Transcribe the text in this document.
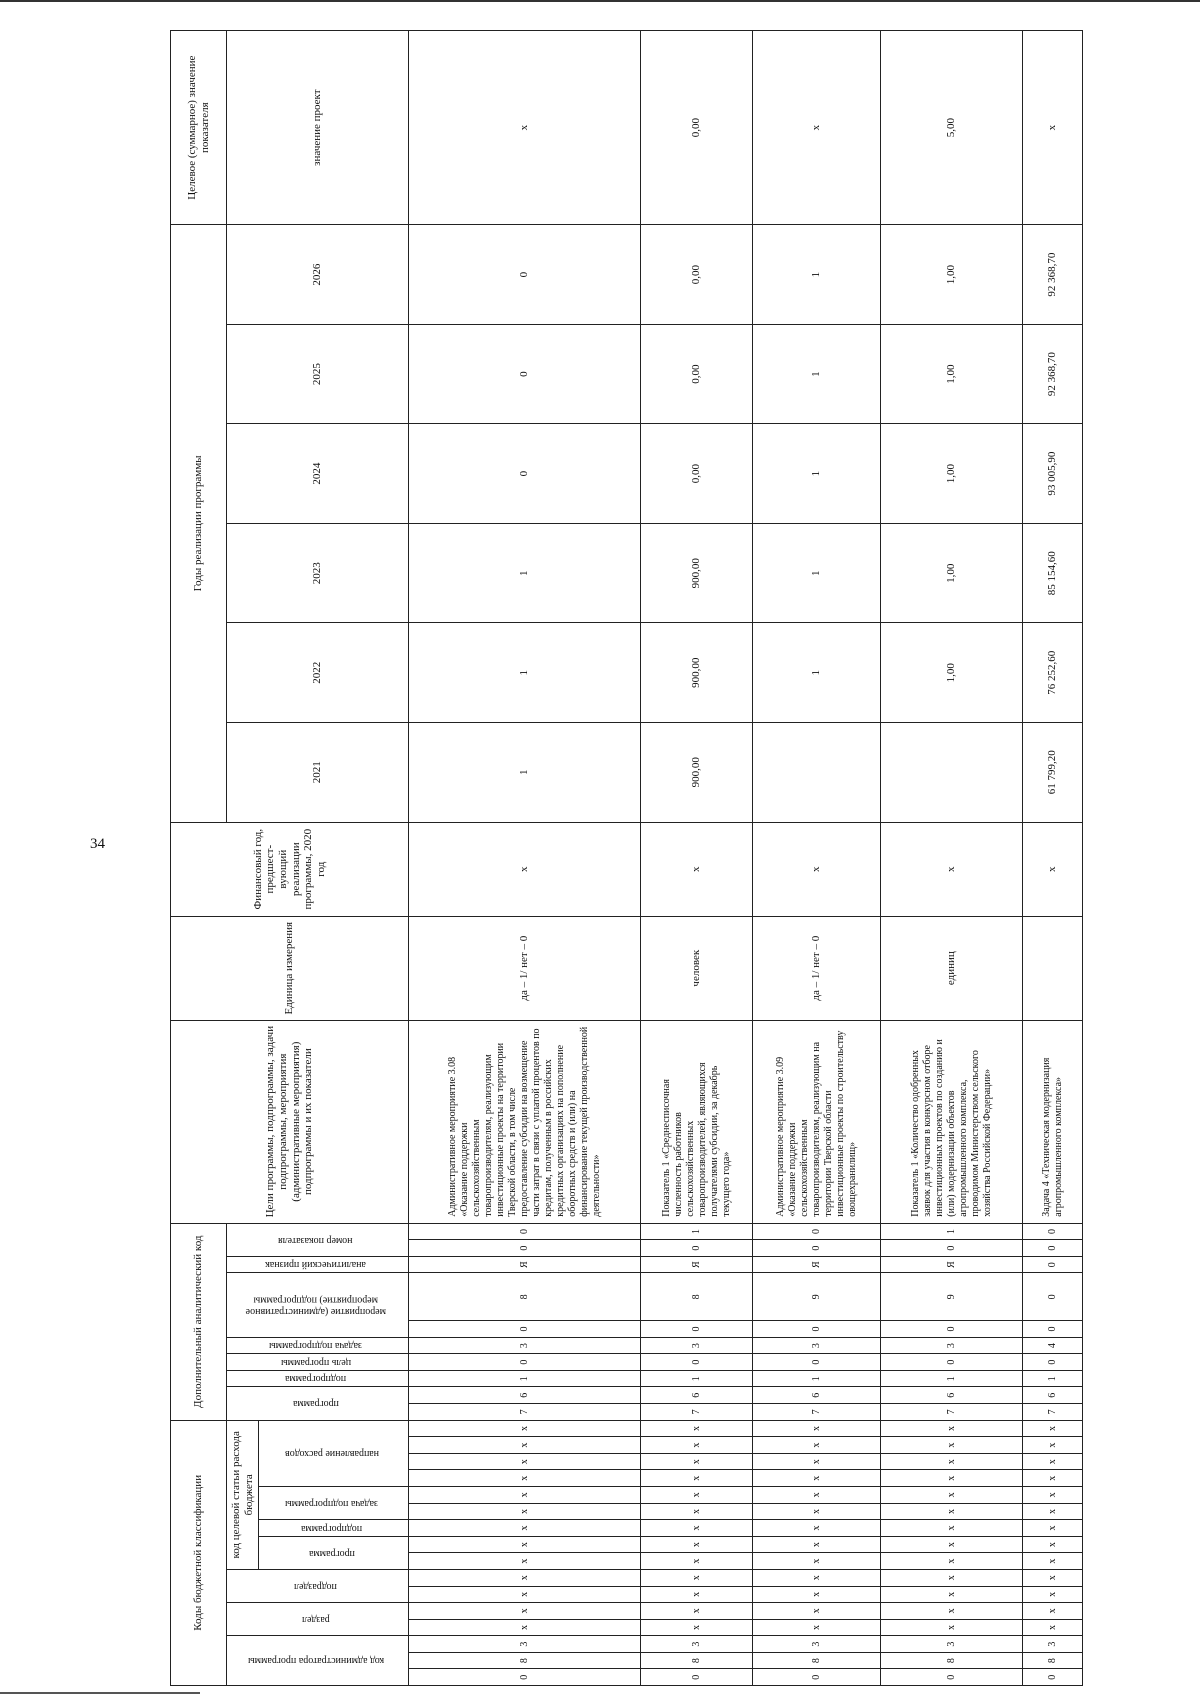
34
Коды бюджетной классификации																Дополнительный аналитический код										Цели программы, подпрограммы, задачи подпрограммы, мероприятия (административные мероприятия) подпрограммы и их показатели	Единица измерения	Финансовый год, предшест-вующий реализации программы, 2020 год	Годы реализации программы						Целевое (суммарное) значение показателя
код администратора программы			раздел		подраздел		код целевой статьи расхода бюджета									программа		подпрограмма	цель программы	задача подпрограммы	мероприятие (административное мероприятие) подпрограммы		аналитический признак	номер показателя					2021	2022	2023	2024	2025	2026	значение проект
							программа		подпрограмма	задача подпрограммы		направление расходов																							
0	8	3	х	х	х	х	х	х	х	х	х	х	х	х	х	7	6	1	0	3	0	8	Я	0	0	Административное мероприятие 3.08 «Оказание поддержки сельскохозяйственным товаропроизводителям, реализующим инвестиционные проекты на территории Тверской области, в том числе предоставление субсидии на возмещение части затрат в связи с уплатой процентов по кредитам, полученным в российских кредитных организациях на пополнение оборотных средств и (или) на финансирование текущей производственной деятельности»	да – 1/ нет – 0	х	1	1	1	0	0	0	х
0	8	3	х	х	х	х	х	х	х	х	х	х	х	х	х	7	6	1	0	3	0	8	Я	0	1	Показатель 1 «Среднесписочная численность работников сельскохозяйственных товаропроизводителей, являющихся получателями субсидии, за декабрь текущего года»	человек	х	900,00	900,00	900,00	0,00	0,00	0,00	0,00
0	8	3	х	х	х	х	х	х	х	х	х	х	х	х	х	7	6	1	0	3	0	9	Я	0	0	Административное мероприятие 3.09 «Оказание поддержки сельскохозяйственным товаропроизводителям, реализующим на территории Тверской области инвестиционные проекты по строительству овощехранилищ»	да – 1/ нет – 0	х		1	1	1	1	1	х
0	8	3	х	х	х	х	х	х	х	х	х	х	х	х	х	7	6	1	0	3	0	9	Я	0	1	Показатель 1 «Количество одобренных заявок для участия в конкурсном отборе инвестиционных проектов по созданию и (или) модернизации объектов агропромышленного комплекса, проводимом Министерством сельского хозяйства Российской Федерации»	единиц	х		1,00	1,00	1,00	1,00	1,00	5,00
0	8	3	х	х	х	х	х	х	х	х	х	х	х	х	х	7	6	1	0	4	0	0	0	0	0	Задача 4 «Техническая модернизация агропромышленного комплекса»		х	61 799,20	76 252,60	85 154,60	93 005,90	92 368,70	92 368,70	х
